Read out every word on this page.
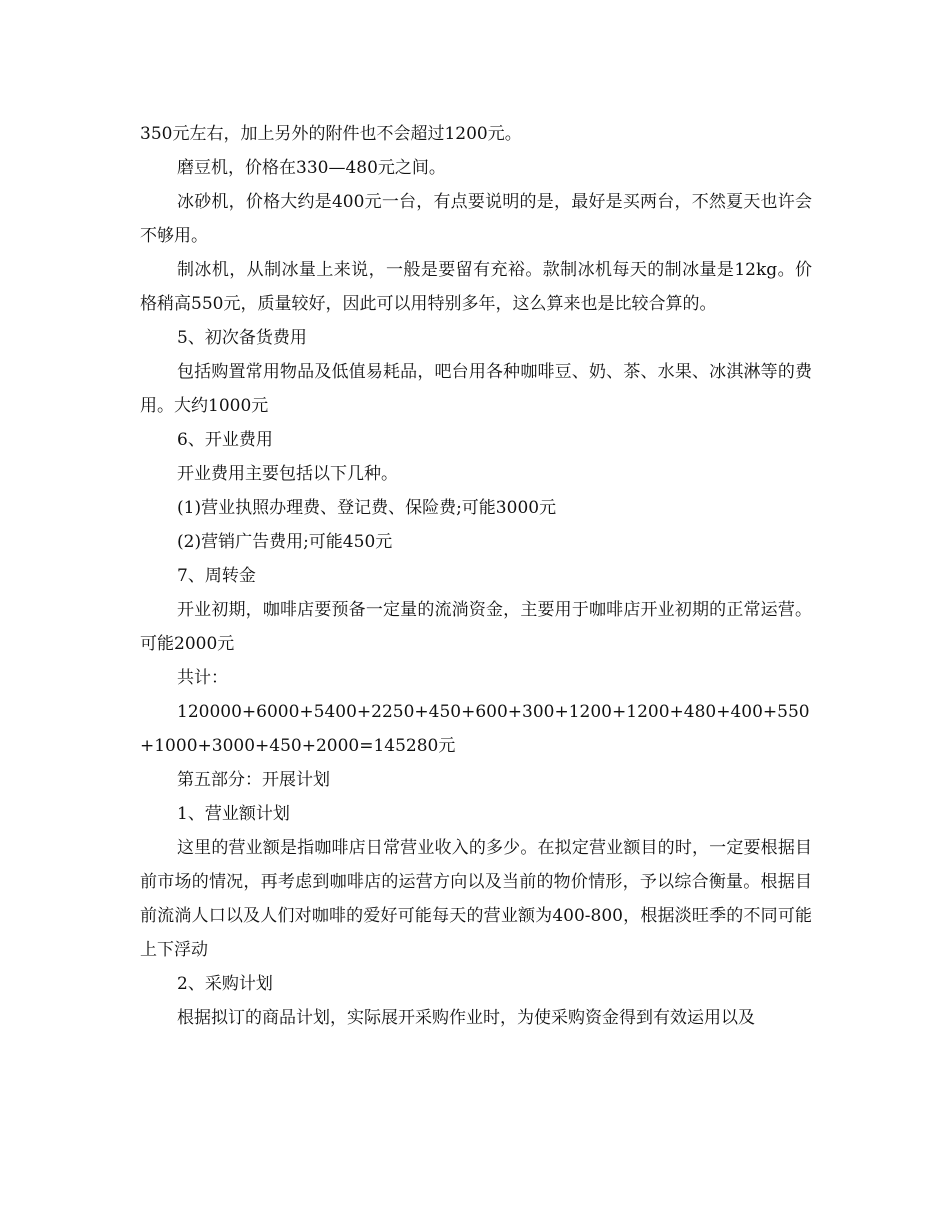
350元左右，加上另外的附件也不会超过1200元。

磨豆机，价格在330—480元之间。

冰砂机，价格大约是400元一台，有点要说明的是，最好是买两台，不然夏天也许会不够用。

制冰机，从制冰量上来说，一般是要留有充裕。款制冰机每天的制冰量是12kg。价格稍高550元，质量较好，因此可以用特别多年，这么算来也是比较合算的。

5、初次备货费用

包括购置常用物品及低值易耗品，吧台用各种咖啡豆、奶、茶、水果、冰淇淋等的费用。大约1000元

6、开业费用

开业费用主要包括以下几种。

(1)营业执照办理费、登记费、保险费;可能3000元

(2)营销广告费用;可能450元

7、周转金

开业初期，咖啡店要预备一定量的流淌资金，主要用于咖啡店开业初期的正常运营。 可能2000元

共计：

120000+6000+5400+2250+450+600+300+1200+1200+480+400+550+1000+3000+450+2000=145280元

第五部分：开展计划

1、营业额计划

这里的营业额是指咖啡店日常营业收入的多少。在拟定营业额目的时，一定要根据目前市场的情况，再考虑到咖啡店的运营方向以及当前的物价情形，予以综合衡量。根据目前流淌人口以及人们对咖啡的爱好可能每天的营业额为400-800，根据淡旺季的不同可能上下浮动

2、采购计划

根据拟订的商品计划，实际展开采购作业时，为使采购资金得到有效运用以及
